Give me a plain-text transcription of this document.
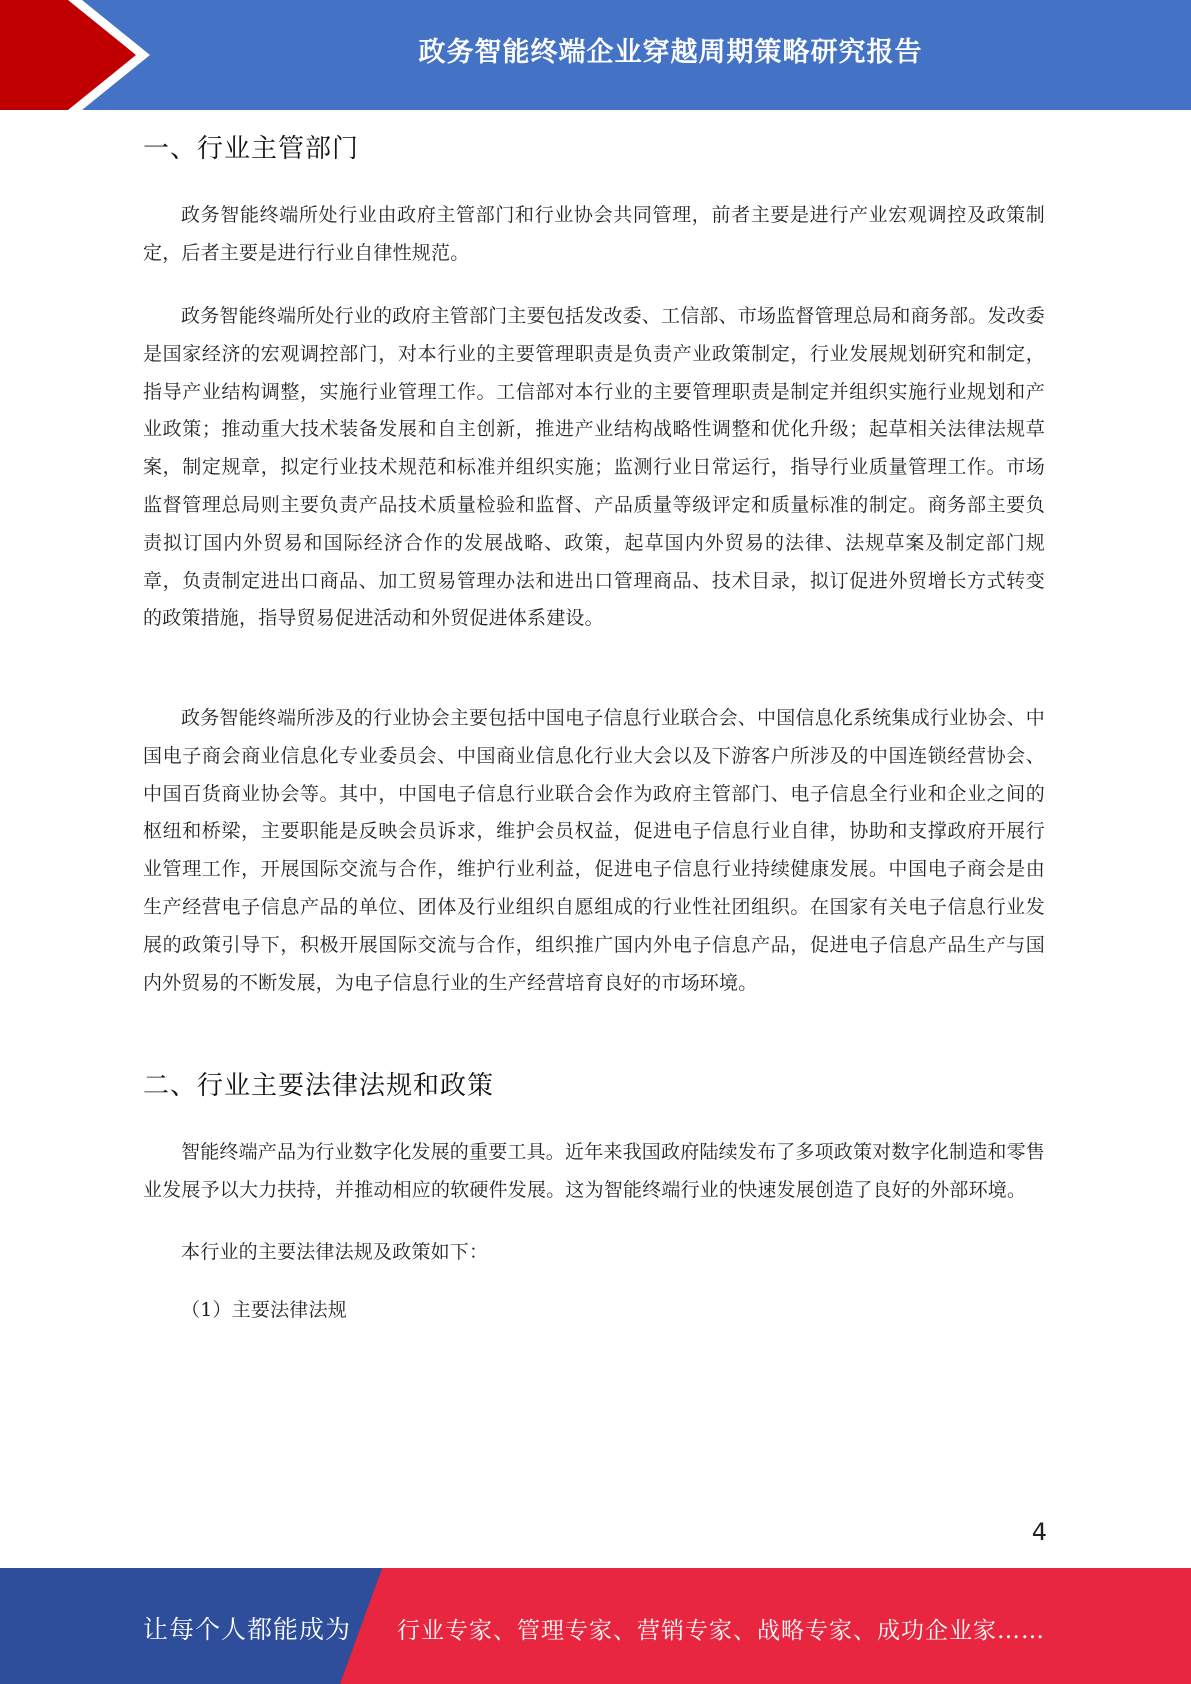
政务智能终端企业穿越周期策略研究报告
一、行业主管部门

政务智能终端所处行业由政府主管部门和行业协会共同管理，前者主要是进行产业宏观调控及政策制定，后者主要是进行行业自律性规范。

政务智能终端所处行业的政府主管部门主要包括发改委、工信部、市场监督管理总局和商务部。发改委是国家经济的宏观调控部门，对本行业的主要管理职责是负责产业政策制定，行业发展规划研究和制定，指导产业结构调整，实施行业管理工作。工信部对本行业的主要管理职责是制定并组织实施行业规划和产业政策；推动重大技术装备发展和自主创新，推进产业结构战略性调整和优化升级；起草相关法律法规草案，制定规章，拟定行业技术规范和标准并组织实施；监测行业日常运行，指导行业质量管理工作。市场监督管理总局则主要负责产品技术质量检验和监督、产品质量等级评定和质量标准的制定。商务部主要负责拟订国内外贸易和国际经济合作的发展战略、政策，起草国内外贸易的法律、法规草案及制定部门规章，负责制定进出口商品、加工贸易管理办法和进出口管理商品、技术目录，拟订促进外贸增长方式转变的政策措施，指导贸易促进活动和外贸促进体系建设。

政务智能终端所涉及的行业协会主要包括中国电子信息行业联合会、中国信息化系统集成行业协会、中国电子商会商业信息化专业委员会、中国商业信息化行业大会以及下游客户所涉及的中国连锁经营协会、中国百货商业协会等。其中，中国电子信息行业联合会作为政府主管部门、电子信息全行业和企业之间的枢纽和桥梁，主要职能是反映会员诉求，维护会员权益，促进电子信息行业自律，协助和支撑政府开展行业管理工作，开展国际交流与合作，维护行业利益，促进电子信息行业持续健康发展。中国电子商会是由生产经营电子信息产品的单位、团体及行业组织自愿组成的行业性社团组织。在国家有关电子信息行业发展的政策引导下，积极开展国际交流与合作，组织推广国内外电子信息产品，促进电子信息产品生产与国内外贸易的不断发展，为电子信息行业的生产经营培育良好的市场环境。

二、行业主要法律法规和政策

智能终端产品为行业数字化发展的重要工具。近年来我国政府陆续发布了多项政策对数字化制造和零售业发展予以大力扶持，并推动相应的软硬件发展。这为智能终端行业的快速发展创造了良好的外部环境。

本行业的主要法律法规及政策如下：

（1）主要法律法规

4
让每个人都能成为 行业专家、管理专家、营销专家、战略专家、成功企业家……
